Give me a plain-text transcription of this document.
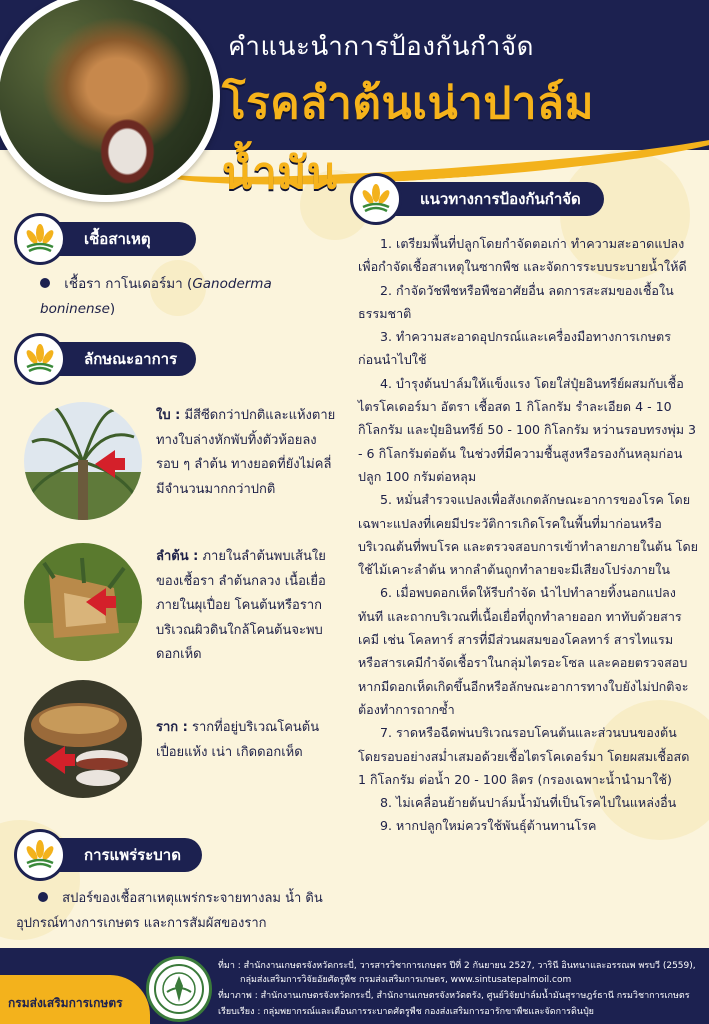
คำแนะนำการป้องกันกำจัด
โรคลำต้นเน่าปาล์มน้ำมัน
เชื้อสาเหตุ
เชื้อรา กาโนเดอร์มา (Ganoderma boninense)
ลักษณะอาการ
ใบ : มีสีซีดกว่าปกติและแห้งตาย ทางใบล่างหักพับทิ้งตัวห้อยลงรอบ ๆ ลำต้น ทางยอดที่ยังไม่คลี่มีจำนวนมากกว่าปกติ
ลำต้น : ภายในลำต้นพบเส้นใยของเชื้อรา ลำต้นกลวง เนื้อเยื่อภายในผุเปื่อย โคนต้นหรือรากบริเวณผิวดินใกล้โคนต้นจะพบดอกเห็ด
ราก : รากที่อยู่บริเวณโคนต้นเปื่อยแห้ง เน่า เกิดดอกเห็ด
การแพร่ระบาด
สปอร์ของเชื้อสาเหตุแพร่กระจายทางลม น้ำ ดิน อุปกรณ์ทางการเกษตร และการสัมผัสของราก
แนวทางการป้องกันกำจัด

1. เตรียมพื้นที่ปลูกโดยกำจัดตอเก่า ทำความสะอาดแปลง เพื่อกำจัดเชื้อสาเหตุในซากพืช และจัดการระบบระบายน้ำให้ดี

2. กำจัดวัชพืชหรือพืชอาศัยอื่น ลดการสะสมของเชื้อในธรรมชาติ

3. ทำความสะอาดอุปกรณ์และเครื่องมือทางการเกษตร ก่อนนำไปใช้

4. บำรุงต้นปาล์มให้แข็งแรง โดยใส่ปุ๋ยอินทรีย์ผสมกับเชื้อไตรโคเดอร์มา อัตรา เชื้อสด 1 กิโลกรัม รำละเอียด 4 - 10 กิโลกรัม และปุ๋ยอินทรีย์ 50 - 100 กิโลกรัม หว่านรอบทรงพุ่ม 3 - 6 กิโลกรัมต่อต้น ในช่วงที่มีความชื้นสูงหรือรองก้นหลุมก่อนปลูก 100 กรัมต่อหลุม

5. หมั่นสำรวจแปลงเพื่อสังเกตลักษณะอาการของโรค โดยเฉพาะแปลงที่เคยมีประวัติการเกิดโรคในพื้นที่มาก่อนหรือบริเวณต้นที่พบโรค และตรวจสอบการเข้าทำลายภายในต้น โดยใช้ไม้เคาะลำต้น หากลำต้นถูกทำลายจะมีเสียงโปร่งภายใน

6. เมื่อพบดอกเห็ดให้รีบกำจัด นำไปทำลายทิ้งนอกแปลงทันที และถากบริเวณที่เนื้อเยื่อที่ถูกทำลายออก ทาทับด้วยสารเคมี เช่น โคลทาร์ สารที่มีส่วนผสมของโคลทาร์ สารไทแรม หรือสารเคมีกำจัดเชื้อราในกลุ่มไตรอะโซล และคอยตรวจสอบ หากมีดอกเห็ดเกิดขึ้นอีกหรือลักษณะอาการทางใบยังไม่ปกติจะต้องทำการถากซ้ำ

7. ราดหรือฉีดพ่นบริเวณรอบโคนต้นและส่วนบนของต้นโดยรอบอย่างสม่ำเสมอด้วยเชื้อไตรโคเดอร์มา โดยผสมเชื้อสด 1 กิโลกรัม ต่อน้ำ 20 - 100 ลิตร (กรองเฉพาะน้ำนำมาใช้)

8. ไม่เคลื่อนย้ายต้นปาล์มน้ำมันที่เป็นโรคไปในแหล่งอื่น

9. หากปลูกใหม่ควรใช้พันธุ์ต้านทานโรค

กรมส่งเสริมการเกษตร
ที่มา : สำนักงานเกษตรจังหวัดกระบี่, วารสารวิชาการเกษตร ปีที่ 2 กันยายน 2527, วารินี อินทนาและอรรณพ พรบวี (2559),
กลุ่มส่งเสริมการวิจัยอัยศัตรูพืช กรมส่งเสริมการเกษตร, www.sintusatepalmoil.com
ที่มาภาพ : สำนักงานเกษตรจังหวัดกระบี่, สำนักงานเกษตรจังหวัดตรัง, ศูนย์วิจัยปาล์มน้ำมันสุราษฎร์ธานี กรมวิชาการเกษตร
เรียบเรียง : กลุ่มพยากรณ์และเตือนการระบาดศัตรูพืช กองส่งเสริมการอารักขาพืชและจัดการดินปุ๋ย
